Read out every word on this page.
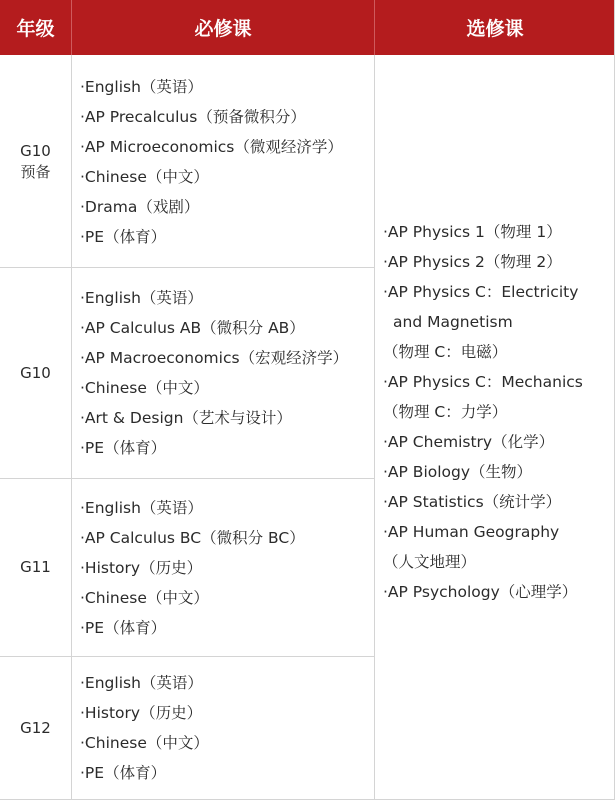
年级	必修课	选修课
G10
预备
·English（英语）
·AP Precalculus（预备微积分）
·AP Microeconomics（微观经济学）
·Chinese（中文）
·Drama（戏剧）
·PE（体育）
G10
·English（英语）
·AP Calculus AB（微积分 AB）
·AP Macroeconomics（宏观经济学）
·Chinese（中文）
·Art & Design（艺术与设计）
·PE（体育）
G11
·English（英语）
·AP Calculus BC（微积分 BC）
·History（历史）
·Chinese（中文）
·PE（体育）
G12
·English（英语）
·History（历史）
·Chinese（中文）
·PE（体育）
·AP Physics 1（物理 1）
·AP Physics 2（物理 2）
·AP Physics C：Electricity
and Magnetism
（物理 C：电磁）
·AP Physics C：Mechanics
（物理 C：力学）
·AP Chemistry（化学）
·AP Biology（生物）
·AP Statistics（统计学）
·AP Human Geography
（人文地理）
·AP Psychology（心理学）
